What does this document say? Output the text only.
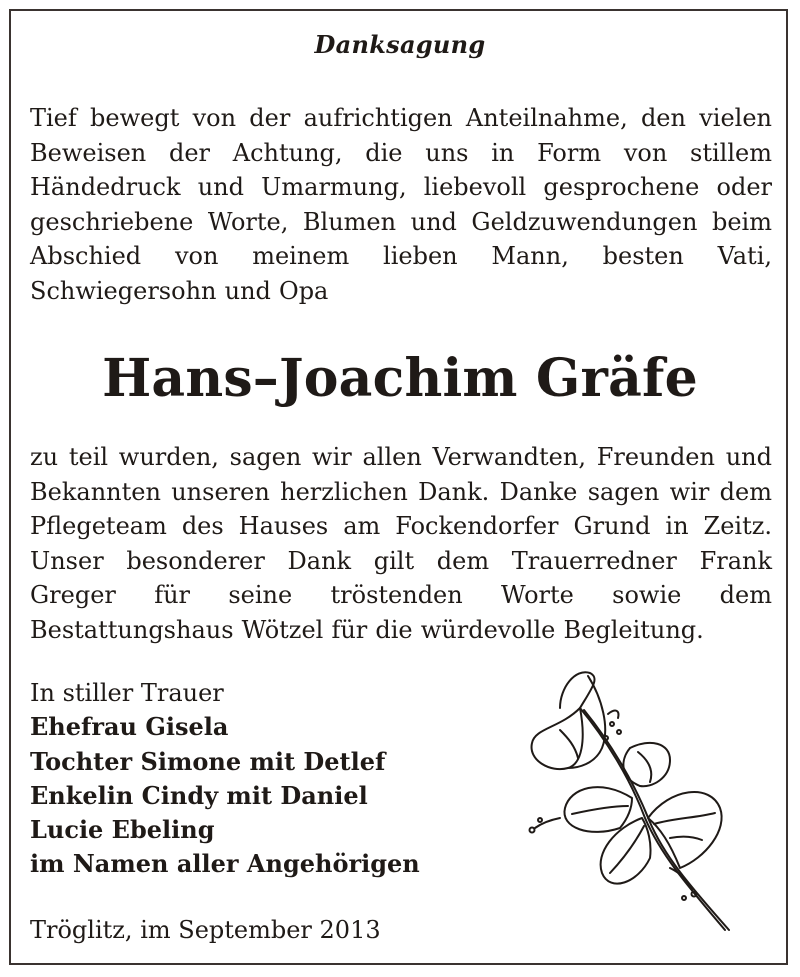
Danksagung
Tief bewegt von der aufrichtigen Anteilnahme, den vielen Beweisen der Achtung, die uns in Form von stillem Händedruck und Umarmung, liebevoll gesprochene oder geschriebene Worte, Blumen und Geldzuwendungen beim Abschied von meinem lieben Mann, besten Vati, Schwiegersohn und Opa
Hans–Joachim Gräfe
zu teil wurden, sagen wir allen Verwandten, Freunden und Bekannten unseren herzlichen Dank. Danke sagen wir dem Pflegeteam des Hauses am Fockendorfer Grund in Zeitz. Unser besonderer Dank gilt dem Trauerredner Frank Greger für seine tröstenden Worte sowie dem Bestattungshaus Wötzel für die würdevolle Begleitung.
In stiller Trauer
Ehefrau Gisela
Tochter Simone mit Detlef
Enkelin Cindy mit Daniel
Lucie Ebeling
im Namen aller Angehörigen
Tröglitz, im September 2013
